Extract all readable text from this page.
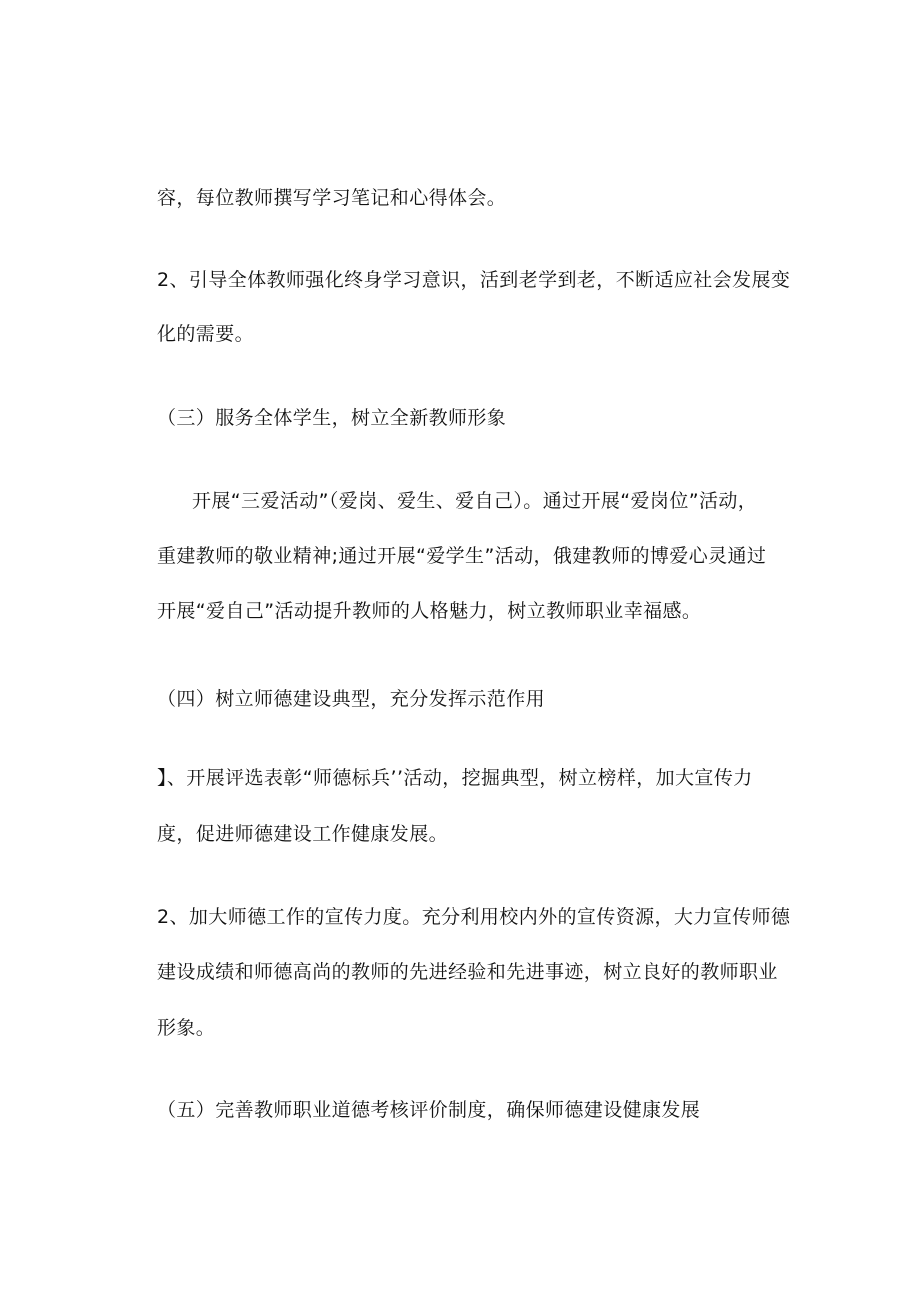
容，每位教师撰写学习笔记和心得体会。
2、引导全体教师强化终身学习意识，活到老学到老，不断适应社会发展变
化的需要。
（三）服务全体学生，树立全新教师形象
开展“三爱活动”（爱岗、爱生、爱自己）。通过开展“爱岗位”活动，
重建教师的敬业精神;通过开展“爱学生”活动，俄建教师的博爱心灵通过
开展“爱自己”活动提升教师的人格魅力，树立教师职业幸福感。
（四）树立师德建设典型，充分发挥示范作用
】、开展评选表彰“师德标兵’’活动，挖掘典型，树立榜样，加大宣传力
度，促进师德建设工作健康发展。
2、加大师德工作的宣传力度。充分利用校内外的宣传资源，大力宣传师德
建设成绩和师德高尚的教师的先进经验和先进事迹，树立良好的教师职业
形象。
（五）完善教师职业道德考核评价制度，确保师德建设健康发展
